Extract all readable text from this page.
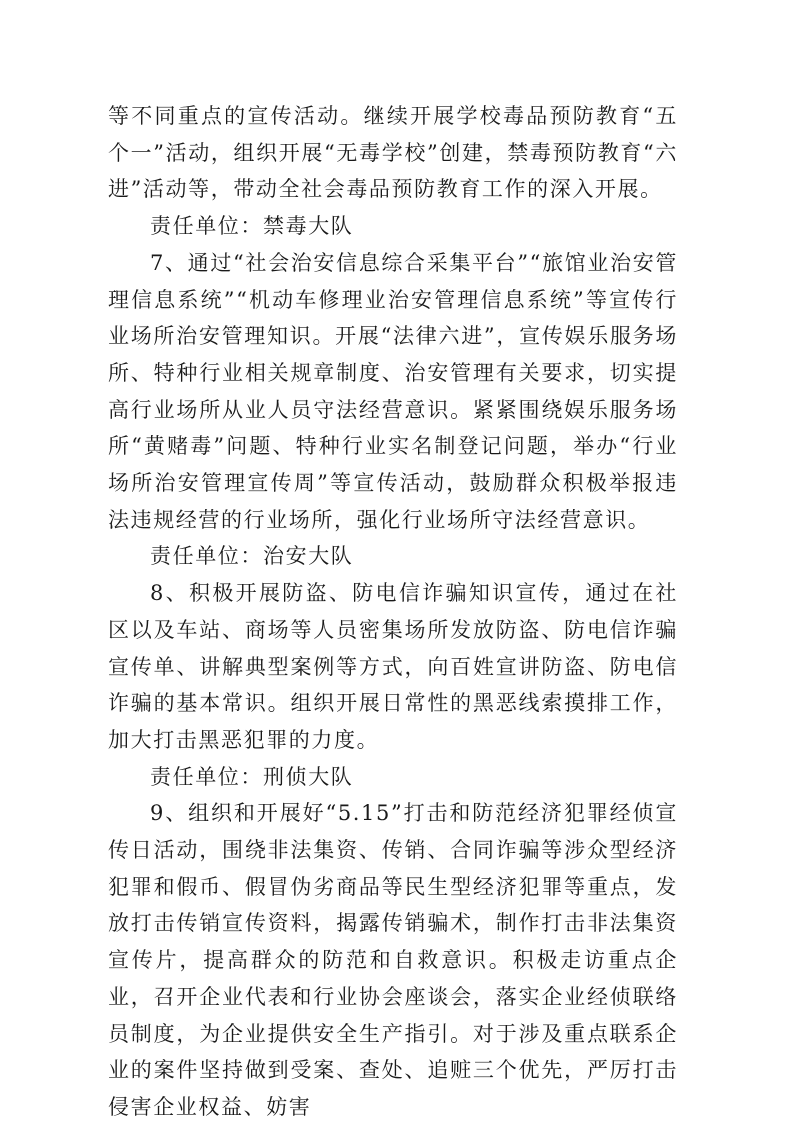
等不同重点的宣传活动。继续开展学校毒品预防教育“五个一”活动，组织开展“无毒学校”创建，禁毒预防教育“六进”活动等，带动全社会毒品预防教育工作的深入开展。

责任单位：禁毒大队

7、通过“社会治安信息综合采集平台”“旅馆业治安管理信息系统”“机动车修理业治安管理信息系统”等宣传行业场所治安管理知识。开展“法律六进”，宣传娱乐服务场所、特种行业相关规章制度、治安管理有关要求，切实提高行业场所从业人员守法经营意识。紧紧围绕娱乐服务场所“黄赌毒”问题、特种行业实名制登记问题，举办“行业场所治安管理宣传周”等宣传活动，鼓励群众积极举报违法违规经营的行业场所，强化行业场所守法经营意识。

责任单位：治安大队

8、积极开展防盗、防电信诈骗知识宣传，通过在社区以及车站、商场等人员密集场所发放防盗、防电信诈骗宣传单、讲解典型案例等方式，向百姓宣讲防盗、防电信诈骗的基本常识。组织开展日常性的黑恶线索摸排工作，加大打击黑恶犯罪的力度。

责任单位：刑侦大队

9、组织和开展好“5.15”打击和防范经济犯罪经侦宣传日活动，围绕非法集资、传销、合同诈骗等涉众型经济犯罪和假币、假冒伪劣商品等民生型经济犯罪等重点，发放打击传销宣传资料，揭露传销骗术，制作打击非法集资宣传片，提高群众的防范和自救意识。积极走访重点企业，召开企业代表和行业协会座谈会，落实企业经侦联络员制度，为企业提供安全生产指引。对于涉及重点联系企业的案件坚持做到受案、查处、追赃三个优先，严厉打击侵害企业权益、妨害
